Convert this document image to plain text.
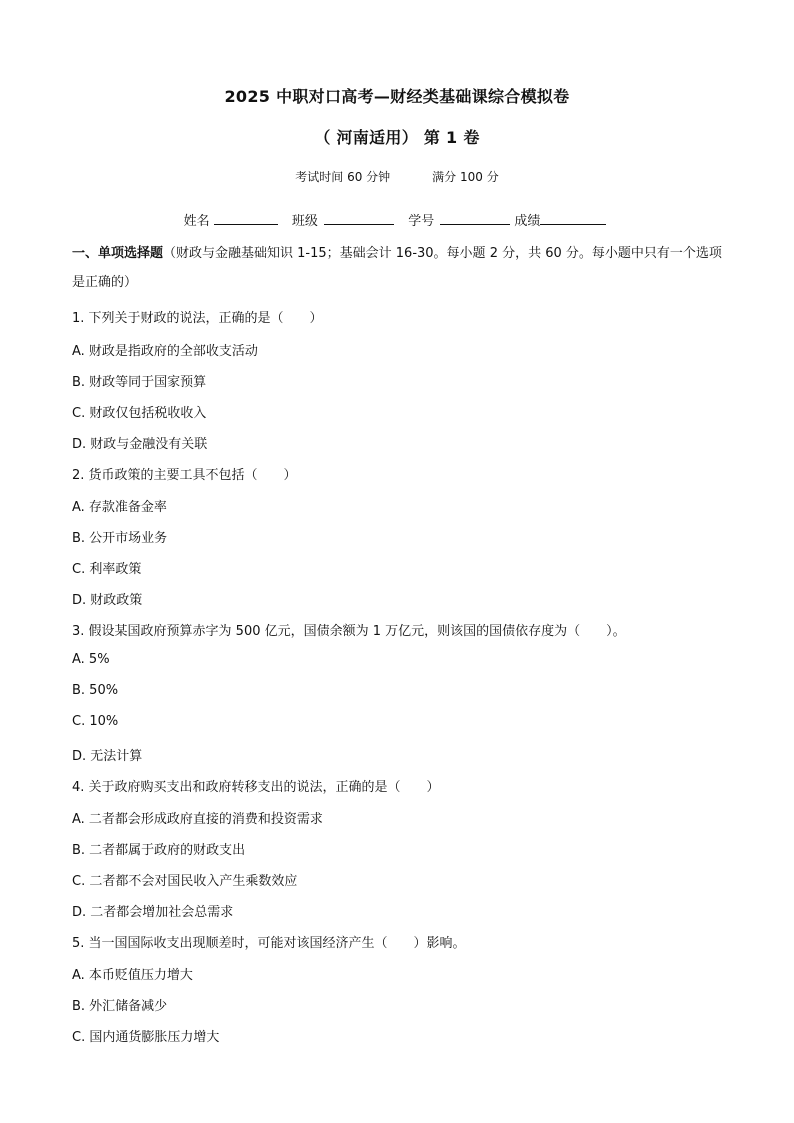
2025 中职对口高考—财经类基础课综合模拟卷
（ 河南适用） 第 1 卷
考试时间 60 分钟	满分 100 分
姓名	班级	学号	成绩
一、单项选择题（财政与金融基础知识 1-15；基础会计 16-30。每小题 2 分，共 60 分。每小题中只有一个选项是正确的）
1. 下列关于财政的说法，正确的是（　　）
A. 财政是指政府的全部收支活动
B. 财政等同于国家预算
C. 财政仅包括税收收入
D. 财政与金融没有关联
2. 货币政策的主要工具不包括（　　）
A. 存款准备金率
B. 公开市场业务
C. 利率政策
D. 财政政策
3. 假设某国政府预算赤字为 500 亿元，国债余额为 1 万亿元，则该国的国债依存度为（　　）。
A. 5%
B. 50%
C. 10%
D. 无法计算
4. 关于政府购买支出和政府转移支出的说法，正确的是（　　）
A. 二者都会形成政府直接的消费和投资需求
B. 二者都属于政府的财政支出
C. 二者都不会对国民收入产生乘数效应
D. 二者都会增加社会总需求
5. 当一国国际收支出现顺差时，可能对该国经济产生（　　）影响。
A. 本币贬值压力增大
B. 外汇储备减少
C. 国内通货膨胀压力增大
